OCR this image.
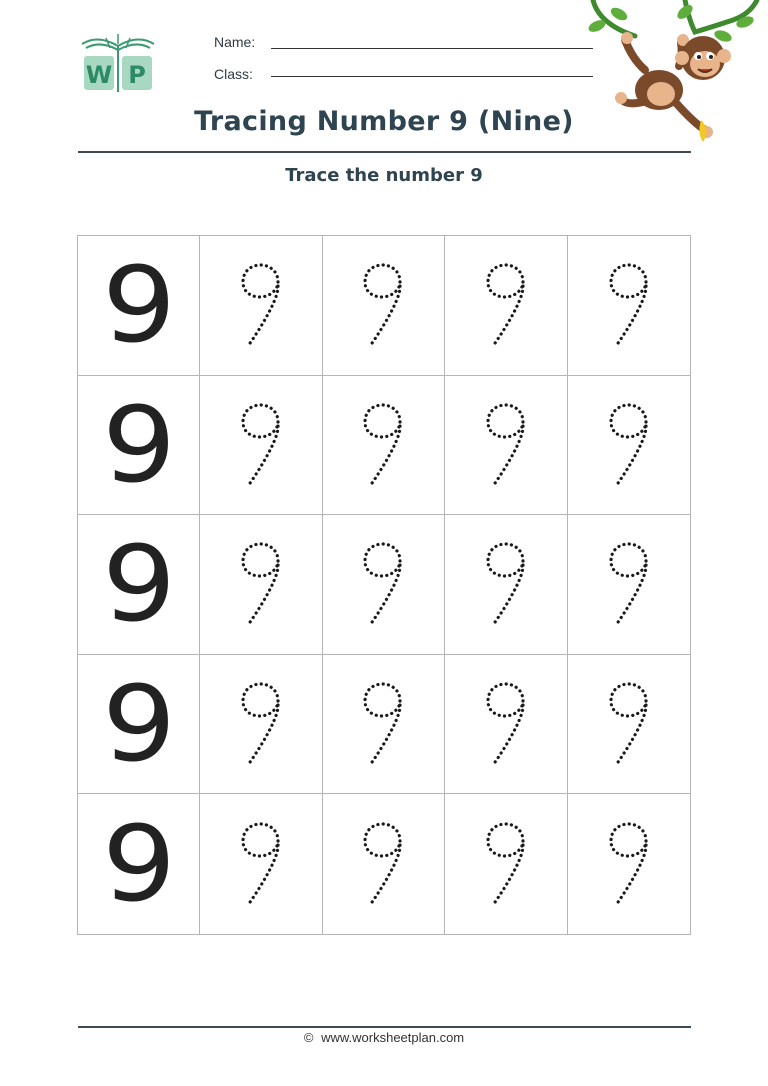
W P
Name:
Class:
Tracing Number 9 (Nine)
Trace the number 9
9
9
9
9
9
© www.worksheetplan.com
